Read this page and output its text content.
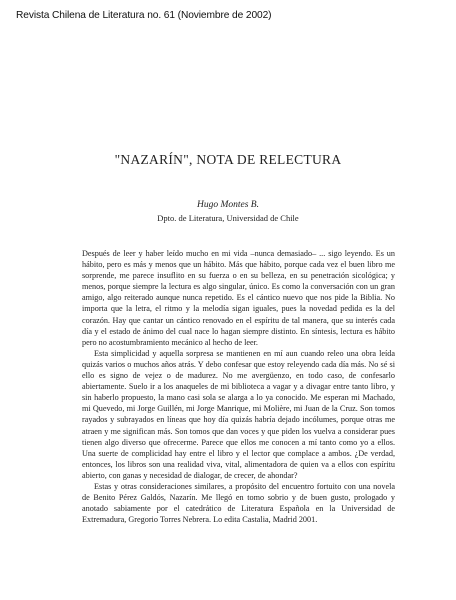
Revista Chilena de Literatura no. 61 (Noviembre de 2002)
"NAZARÍN", NOTA DE RELECTURA
Hugo Montes B.
Dpto. de Literatura, Universidad de Chile

Después de leer y haber leído mucho en mi vida –nunca demasiado– ... sigo leyendo. Es un hábito, pero es más y menos que un hábito. Más que hábito, porque cada vez el buen libro me sorprende, me parece insuflito en su fuerza o en su belleza, en su penetración sicológica; y menos, porque siempre la lectura es algo singular, único. Es como la conversación con un gran amigo, algo reiterado aunque nunca repetido. Es el cántico nuevo que nos pide la Biblia. No importa que la letra, el ritmo y la melodía sigan iguales, pues la novedad pedida es la del corazón. Hay que cantar un cántico renovado en el espíritu de tal manera, que su interés cada día y el estado de ánimo del cual nace lo hagan siempre distinto. En síntesis, lectura es hábito pero no acostumbramiento mecánico al hecho de leer.

Esta simplicidad y aquella sorpresa se mantienen en mí aun cuando releo una obra leída quizás varios o muchos años atrás. Y debo confesar que estoy releyendo cada día más. No sé si ello es signo de vejez o de madurez. No me avergüenzo, en todo caso, de confesarlo abiertamente. Suelo ir a los anaqueles de mi biblioteca a vagar y a divagar entre tanto libro, y sin haberlo propuesto, la mano casi sola se alarga a lo ya conocido. Me esperan mi Machado, mi Quevedo, mi Jorge Guillén, mi Jorge Manrique, mi Molière, mi Juan de la Cruz. Son tomos rayados y subrayados en líneas que hoy día quizás habría dejado incólumes, porque otras me atraen y me significan más. Son tomos que dan voces y que piden los vuelva a considerar pues tienen algo diverso que ofrecerme. Parece que ellos me conocen a mí tanto como yo a ellos. Una suerte de complicidad hay entre el libro y el lector que complace a ambos. ¿De verdad, entonces, los libros son una realidad viva, vital, alimentadora de quien va a ellos con espíritu abierto, con ganas y necesidad de dialogar, de crecer, de ahondar?

Estas y otras consideraciones similares, a propósito del encuentro fortuito con una novela de Benito Pérez Galdós, Nazarín. Me llegó en tomo sobrio y de buen gusto, prologado y anotado sabiamente por el catedrático de Literatura Española en la Universidad de Extremadura, Gregorio Torres Nebrera. Lo edita Castalia, Madrid 2001.
